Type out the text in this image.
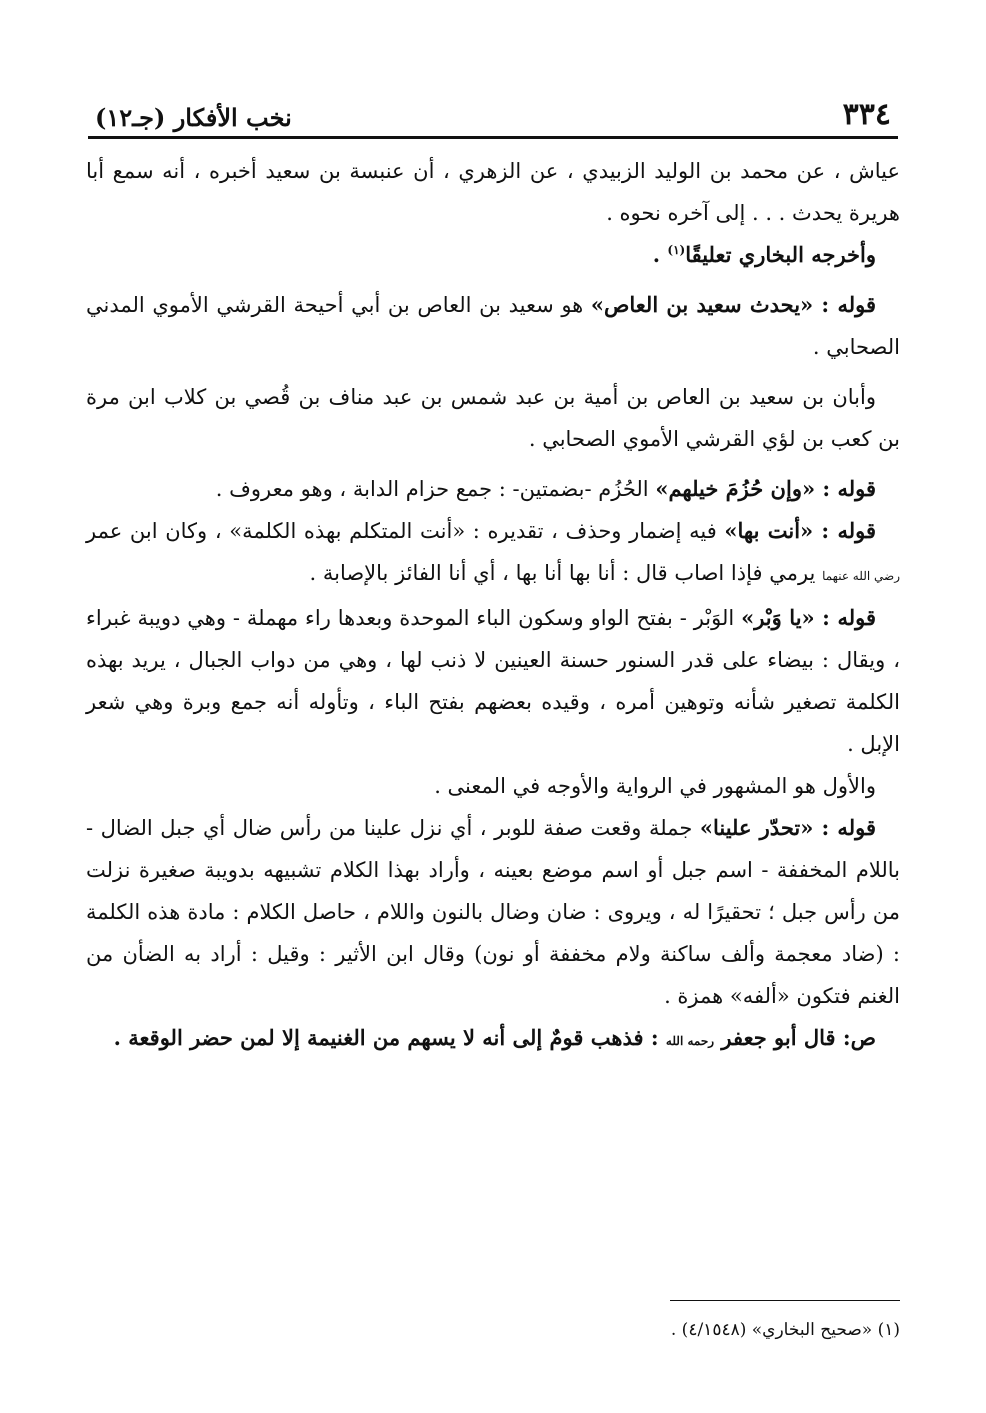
٣٣٤
نخب الأفكار (جـ١٢)

عياش ، عن محمد بن الوليد الزبيدي ، عن الزهري ، أن عنبسة بن سعيد أخبره ، أنه سمع أبا هريرة يحدث . . . إلى آخره نحوه .

وأخرجه البخاري تعليقًا$^{(١)}$ .

قوله : «يحدث سعيد بن العاص» هو سعيد بن العاص بن أبي أحيحة القرشي الأموي المدني الصحابي .

وأبان بن سعيد بن العاص بن أمية بن عبد شمس بن عبد مناف بن قُصي بن كلاب ابن مرة بن كعب بن لؤي القرشي الأموي الصحابي .

قوله : «وإن حُزُمَ خيلهم» الحُزُم -بضمتين- : جمع حزام الدابة ، وهو معروف .

قوله : «أنت بها» فيه إضمار وحذف ، تقديره : «أنت المتكلم بهذه الكلمة» ، وكان ابن عمر رضي الله عنهما يرمي فإذا اصاب قال : أنا بها أنا بها ، أي أنا الفائز بالإصابة .

قوله : «يا وَبْر» الوَبْر - بفتح الواو وسكون الباء الموحدة وبعدها راء مهملة - وهي دويبة غبراء ، ويقال : بيضاء على قدر السنور حسنة العينين لا ذنب لها ، وهي من دواب الجبال ، يريد بهذه الكلمة تصغير شأنه وتوهين أمره ، وقيده بعضهم بفتح الباء ، وتأوله أنه جمع وبرة وهي شعر الإبل .

والأول هو المشهور في الرواية والأوجه في المعنى .

قوله : «تحدّر علينا» جملة وقعت صفة للوبر ، أي نزل علينا من رأس ضال أي جبل الضال - باللام المخففة - اسم جبل أو اسم موضع بعينه ، وأراد بهذا الكلام تشبيهه بدويبة صغيرة نزلت من رأس جبل ؛ تحقيرًا له ، ويروى : ضان وضال بالنون واللام ، حاصل الكلام : مادة هذه الكلمة : (ضاد معجمة وألف ساكنة ولام مخففة أو نون) وقال ابن الأثير : وقيل : أراد به الضأن من الغنم فتكون «ألفه» همزة .

ص: قال أبو جعفر رحمه الله : فذهب قومٌ إلى أنه لا يسهم من الغنيمة إلا لمن حضر الوقعة .

(١) «صحيح البخاري» (٤/١٥٤٨) .
